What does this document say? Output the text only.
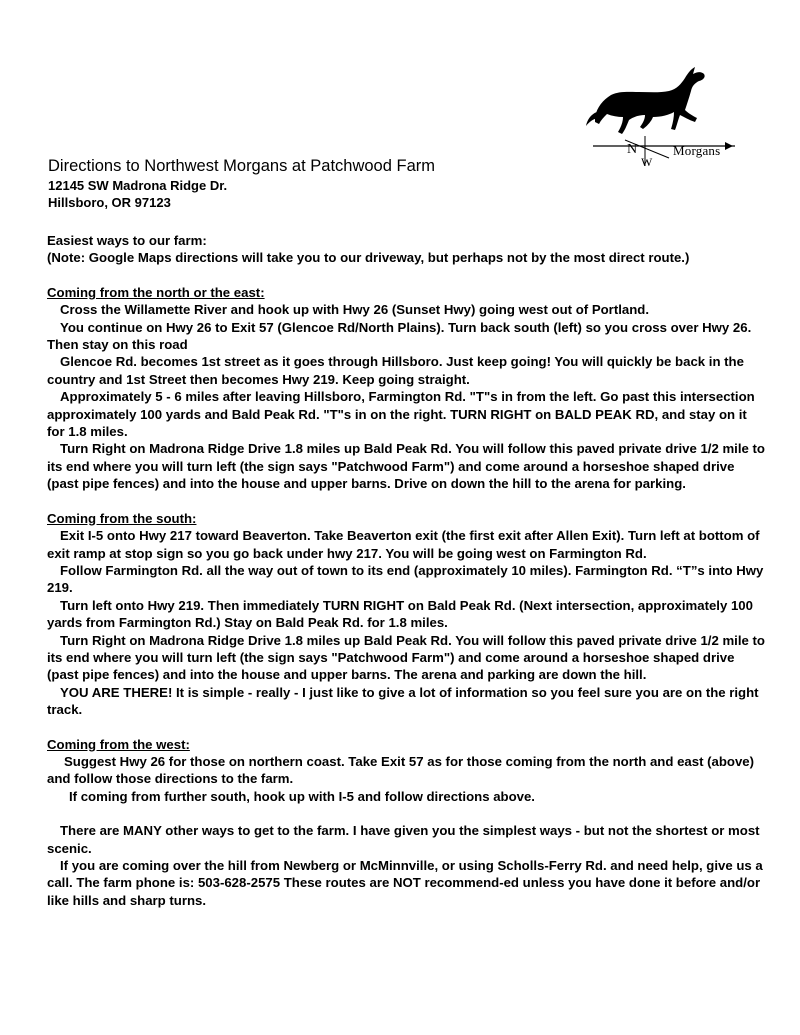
N
W
Morgans

Directions to Northwest Morgans at Patchwood Farm

12145 SW Madrona Ridge Dr.
Hillsboro, OR 97123

Easiest ways to our farm:

(Note: Google Maps directions will take you to our driveway, but perhaps not by the most direct route.)

Coming from the north or the east:

Cross the Willamette River and hook up with Hwy 26 (Sunset Hwy) going west out of Portland.

You continue on Hwy 26 to Exit 57 (Glencoe Rd/North Plains). Turn back south (left) so you cross over Hwy 26. Then stay on this road

Glencoe Rd. becomes 1st street as it goes through Hillsboro. Just keep going! You will quickly be back in the country and 1st Street then becomes Hwy 219. Keep going straight.

Approximately 5 - 6 miles after leaving Hillsboro, Farmington Rd. "T"s in from the left. Go past this intersection approximately 100 yards and Bald Peak Rd. "T"s in on the right. TURN RIGHT on BALD PEAK RD, and stay on it for 1.8 miles.

Turn Right on Madrona Ridge Drive 1.8 miles up Bald Peak Rd. You will follow this paved private drive 1/2 mile to its end where you will turn left (the sign says "Patchwood Farm") and come around a horseshoe shaped drive (past pipe fences) and into the house and upper barns. Drive on down the hill to the arena for parking.

Coming from the south:

Exit I-5 onto Hwy 217 toward Beaverton. Take Beaverton exit (the first exit after Allen Exit). Turn left at bottom of exit ramp at stop sign so you go back under hwy 217. You will be going west on Farmington Rd.

Follow Farmington Rd. all the way out of town to its end (approximately 10 miles). Farmington Rd. “T”s into Hwy 219.

Turn left onto Hwy 219. Then immediately TURN RIGHT on Bald Peak Rd. (Next intersection, approximately 100 yards from Farmington Rd.) Stay on Bald Peak Rd. for 1.8 miles.

Turn Right on Madrona Ridge Drive 1.8 miles up Bald Peak Rd. You will follow this paved private drive 1/2 mile to its end where you will turn left (the sign says "Patchwood Farm") and come around a horseshoe shaped drive (past pipe fences) and into the house and upper barns. The arena and parking are down the hill.

YOU ARE THERE! It is simple - really - I just like to give a lot of information so you feel sure you are on the right track.

Coming from the west:

Suggest Hwy 26 for those on northern coast. Take Exit 57 as for those coming from the north and east (above) and follow those directions to the farm.

If coming from further south, hook up with I-5 and follow directions above.

There are MANY other ways to get to the farm. I have given you the simplest ways - but not the shortest or most scenic.

If you are coming over the hill from Newberg or McMinnville, or using Scholls-Ferry Rd. and need help, give us a call. The farm phone is: 503-628-2575 These routes are NOT recommend-ed unless you have done it before and/or like hills and sharp turns.
